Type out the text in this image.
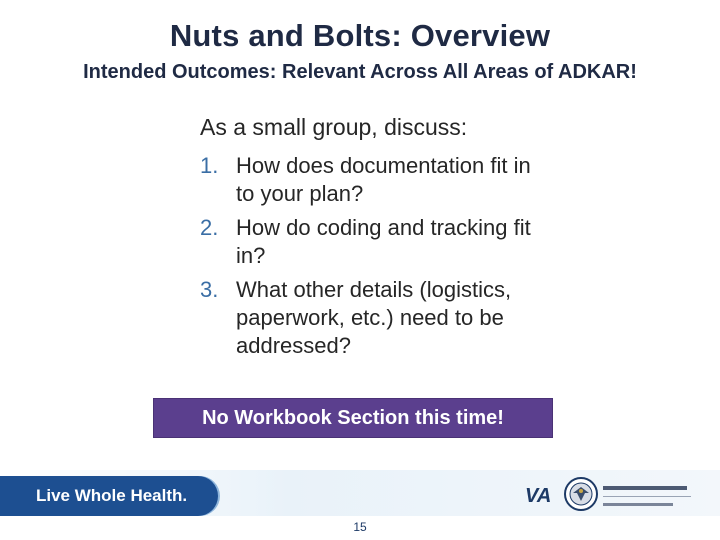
Nuts and Bolts: Overview
Intended Outcomes: Relevant Across All Areas of ADKAR!
As a small group, discuss:
1. How does documentation fit in to your plan?
2. How do coding and tracking fit in?
3. What other details (logistics, paperwork, etc.) need to be addressed?
No Workbook Section this time!
Live Whole Health.	VA
15
